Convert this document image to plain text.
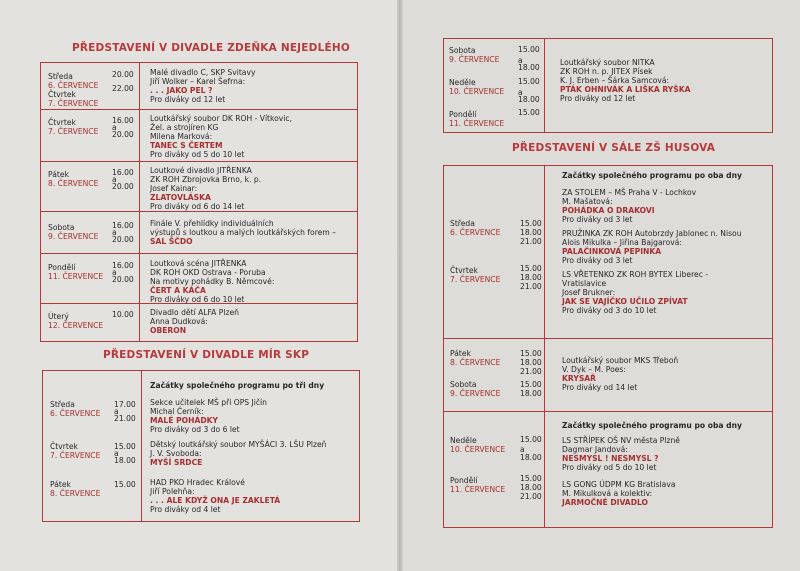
PŘEDSTAVENÍ V DIVADLE ZDEŇKA NEJEDLÉHO
PŘEDSTAVENÍ V DIVADLE MÍR SKP
PŘEDSTAVENÍ V SÁLE ZŠ HUSOVA
Středa
6. ČERVENCE
Čtvrtek
7. ČERVENCE
20.00
22.00
Malé divadlo C, SKP Svitavy
Jiří Wolker – Karel Šefrna:
. . . JAKO PEL ?
Pro diváky od 12 let
Čtvrtek
7. ČERVENCE
16.00
a
20.00
Loutkářský soubor DK ROH - Vítkovic,
Žel. a strojíren KG
Milena Marková:
TANEC S ČERTEM
Pro diváky od 5 do 10 let
Pátek
8. ČERVENCE
16.00
a
20.00
Loutkové divadlo JITŘENKA
ZK ROH Zbrojovka Brno, k. p.
Josef Kainar:
ZLATOVLÁSKA
Pro diváky od 6 do 14 let
Sobota
9. ČERVENCE
16.00
a
20.00
Finále V. přehlídky individuálních
výstupů s loutkou a malých loutkářských forem –
SAL ŠČDO
Pondělí
11. ČERVENCE
16.00
a
20.00
Loutková scéna JITŘENKA
DK ROH OKD Ostrava - Poruba
Na motivy pohádky B. Němcové:
ČERT A KÁČA
Pro diváky od 6 do 10 let
Úterý
12. ČERVENCE
10.00 Divadlo dětí ALFA Plzeň
Anna Dudková:
OBERON
Začátky společného programu po tři dny
Středa
6. ČERVENCE
17.00
a
21.00
Sekce učitelek MŠ při OPS Jičín
Michal Černík:
MALÉ POHÁDKY
Pro diváky od 3 do 6 let
Čtvrtek
7. ČERVENCE
15.00
a
18.00
Dětský loutkářský soubor MYŠÁCI 3. LŠU Plzeň
J. V. Svoboda:
MYŠÍ SRDCE
Pátek
8. ČERVENCE
15.00 HAD PKO Hradec Králové
Jiří Polehňa:
. . . ALE KDYŽ ONA JE ZAKLETÁ
Pro diváky od 4 let
Sobota
9. ČERVENCE
Neděle
10. ČERVENCE
Pondělí
11. ČERVENCE
15.00
a
18.00
15.00
a
18.00
15.00
Loutkářský soubor NITKA
ZK ROH n. p. JITEX Písek
K. J. Erben – Šárka Samcová:
PTÁK OHNIVÁK A LIŠKA RYŠKA
Pro diváky od 12 let
Začátky společného programu po oba dny
Středa
6. ČERVENCE
Čtvrtek
7. ČERVENCE
15.00
18.00
21.00
15.00
18.00
21.00
ZA STOLEM – MŠ Praha V - Lochkov
M. Mašatová:
POHÁDKA O DRAKOVI
Pro diváky od 3 let
PRUŽINKA ZK ROH Autobrzdy Jablonec n. Nisou
Alois Mikulka – Jiřina Bajgarová:
PALAČINKOVÁ PEPINKA
Pro diváky od 3 let
LS VŘETENKO ZK ROH BYTEX Liberec -
Vratislavice
Josef Brukner:
JAK SE VAJÍČKO UČILO ZPÍVAT
Pro diváky od 3 do 10 let
Pátek
8. ČERVENCE
Sobota
9. ČERVENCE
15.00
18.00
21.00
15.00
18.00
Loutkářský soubor MKS Třeboň
V. Dyk – M. Poes:
KRYSAŘ
Pro diváky od 14 let
Začátky společného programu po oba dny
Neděle
10. ČERVENCE
Pondělí
11. ČERVENCE
15.00
a
18.00
15.00
18.00
21.00
LS STŘÍPEK OŠ NV města Plzně
Dagmar Jandová:
NESMYSL ! NESMYSL ?
Pro diváky od 5 do 10 let
LS GONG ÚDPM KG Bratislava
M. Mikulková a kolektiv:
JARMOČNÉ DIVADLO
